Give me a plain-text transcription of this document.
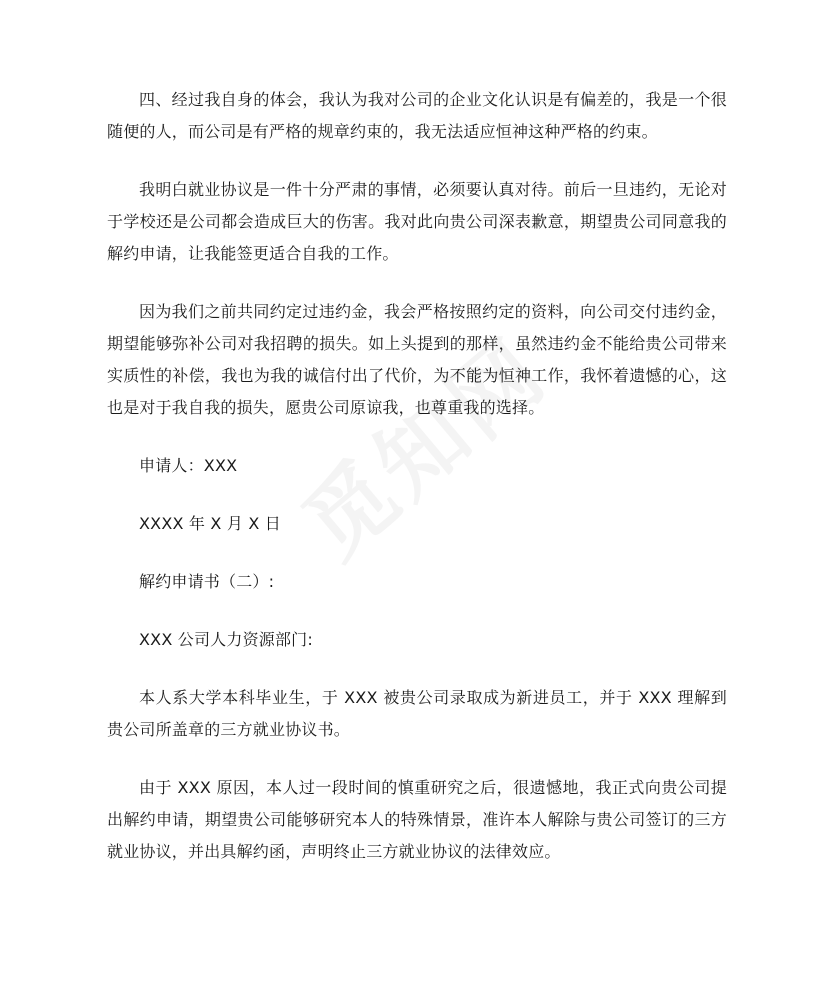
四、经过我自身的体会，我认为我对公司的企业文化认识是有偏差的，我是一个很随便的人，而公司是有严格的规章约束的，我无法适应恒神这种严格的约束。

我明白就业协议是一件十分严肃的事情，必须要认真对待。前后一旦违约，无论对于学校还是公司都会造成巨大的伤害。我对此向贵公司深表歉意，期望贵公司同意我的解约申请，让我能签更适合自我的工作。

因为我们之前共同约定过违约金，我会严格按照约定的资料，向公司交付违约金，期望能够弥补公司对我招聘的损失。如上头提到的那样，虽然违约金不能给贵公司带来实质性的补偿，我也为我的诚信付出了代价，为不能为恒神工作，我怀着遗憾的心，这也是对于我自我的损失，愿贵公司原谅我，也尊重我的选择。

申请人：XXX

XXXX 年 X 月 X 日

解约申请书（二）:

XXX 公司人力资源部门:

本人系大学本科毕业生，于 XXX 被贵公司录取成为新进员工，并于 XXX 理解到贵公司所盖章的三方就业协议书。

由于 XXX 原因，本人过一段时间的慎重研究之后，很遗憾地，我正式向贵公司提出解约申请，期望贵公司能够研究本人的特殊情景，准许本人解除与贵公司签订的三方就业协议，并出具解约函，声明终止三方就业协议的法律效应。
